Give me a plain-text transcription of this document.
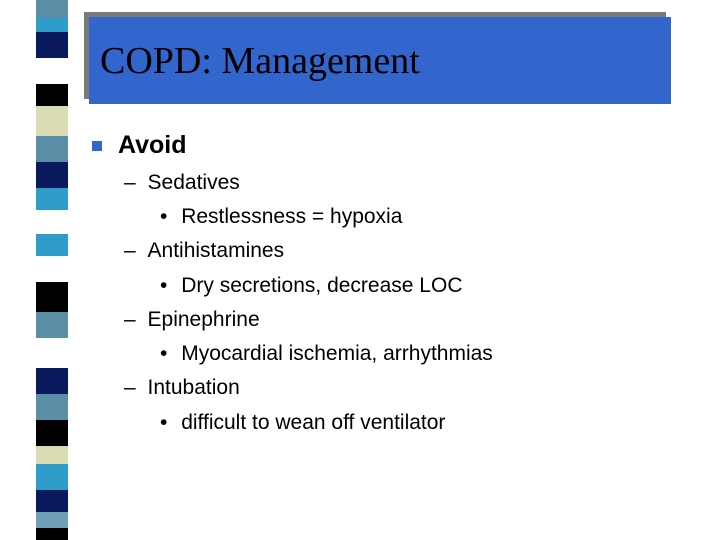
COPD: Management
Avoid
– Sedatives
• Restlessness = hypoxia
– Antihistamines
• Dry secretions, decrease LOC
– Epinephrine
• Myocardial ischemia, arrhythmias
– Intubation
• difficult to wean off ventilator
